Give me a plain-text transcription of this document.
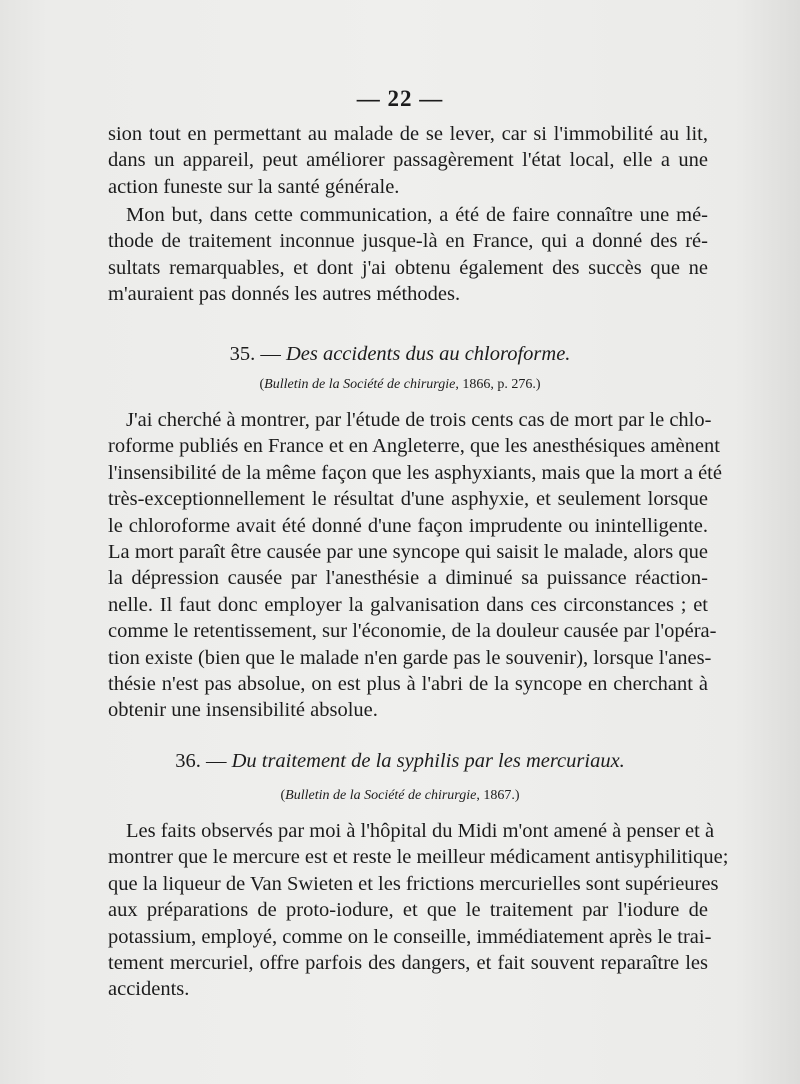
— 22 —

sion tout en permettant au malade de se lever, car si l'immobilité au lit,
dans un appareil, peut améliorer passagèrement l'état local, elle a une
action funeste sur la santé générale.

Mon but, dans cette communication, a été de faire connaître une mé-
thode de traitement inconnue jusque-là en France, qui a donné des ré-
sultats remarquables, et dont j'ai obtenu également des succès que ne
m'auraient pas donnés les autres méthodes.

35. — Des accidents dus au chloroforme.
(Bulletin de la Société de chirurgie, 1866, p. 276.)

J'ai cherché à montrer, par l'étude de trois cents cas de mort par le chlo-
roforme publiés en France et en Angleterre, que les anesthésiques amènent
l'insensibilité de la même façon que les asphyxiants, mais que la mort a été
très-exceptionnellement le résultat d'une asphyxie, et seulement lorsque
le chloroforme avait été donné d'une façon imprudente ou inintelligente.
La mort paraît être causée par une syncope qui saisit le malade, alors que
la dépression causée par l'anesthésie a diminué sa puissance réaction-
nelle. Il faut donc employer la galvanisation dans ces circonstances ; et
comme le retentissement, sur l'économie, de la douleur causée par l'opéra-
tion existe (bien que le malade n'en garde pas le souvenir), lorsque l'anes-
thésie n'est pas absolue, on est plus à l'abri de la syncope en cherchant à
obtenir une insensibilité absolue.

36. — Du traitement de la syphilis par les mercuriaux.
(Bulletin de la Société de chirurgie, 1867.)

Les faits observés par moi à l'hôpital du Midi m'ont amené à penser et à
montrer que le mercure est et reste le meilleur médicament antisyphilitique;
que la liqueur de Van Swieten et les frictions mercurielles sont supérieures
aux préparations de proto-iodure, et que le traitement par l'iodure de
potassium, employé, comme on le conseille, immédiatement après le trai-
tement mercuriel, offre parfois des dangers, et fait souvent reparaître les
accidents.
